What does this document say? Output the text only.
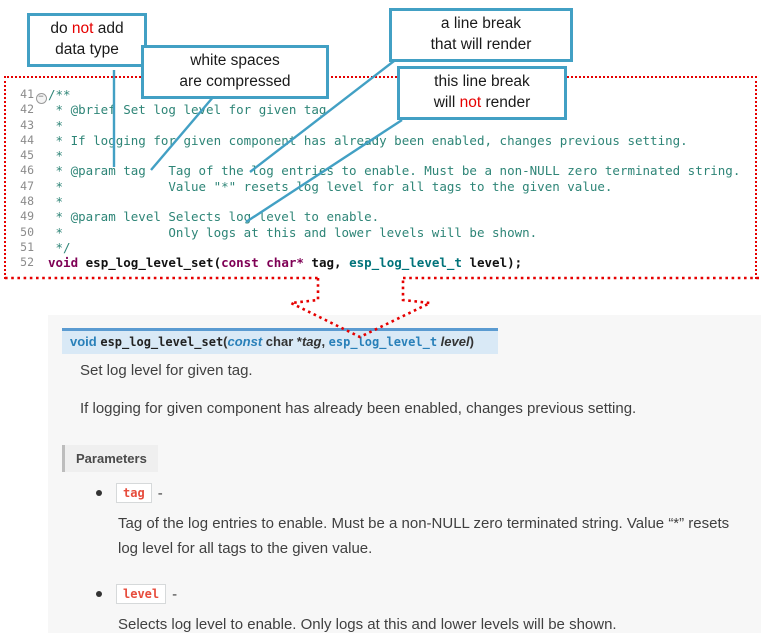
41 − /**
42 * @brief Set log level for given tag
43 *
44 * If logging for given component has already been enabled, changes previous setting.
45 *
46 * @param tag   Tag of the log entries to enable. Must be a non-NULL zero terminated string.
47 *              Value "*" resets log level for all tags to the given value.
48 *
49 * @param level Selects log level to enable.
50 *              Only logs at this and lower levels will be shown.
51 */
52 void esp_log_level_set(const char* tag, esp_log_level_t level);
do not add
data type
white spaces
are compressed
a line break
that will render
this line break
will not render
void esp_log_level_set(const char *tag, esp_log_level_t level)

Set log level for given tag.

If logging for given component has already been enabled, changes previous setting.

Parameters
tag -
Tag of the log entries to enable. Must be a non-NULL zero terminated string. Value “*” resets log level for all tags to the given value.
level -
Selects log level to enable. Only logs at this and lower levels will be shown.
